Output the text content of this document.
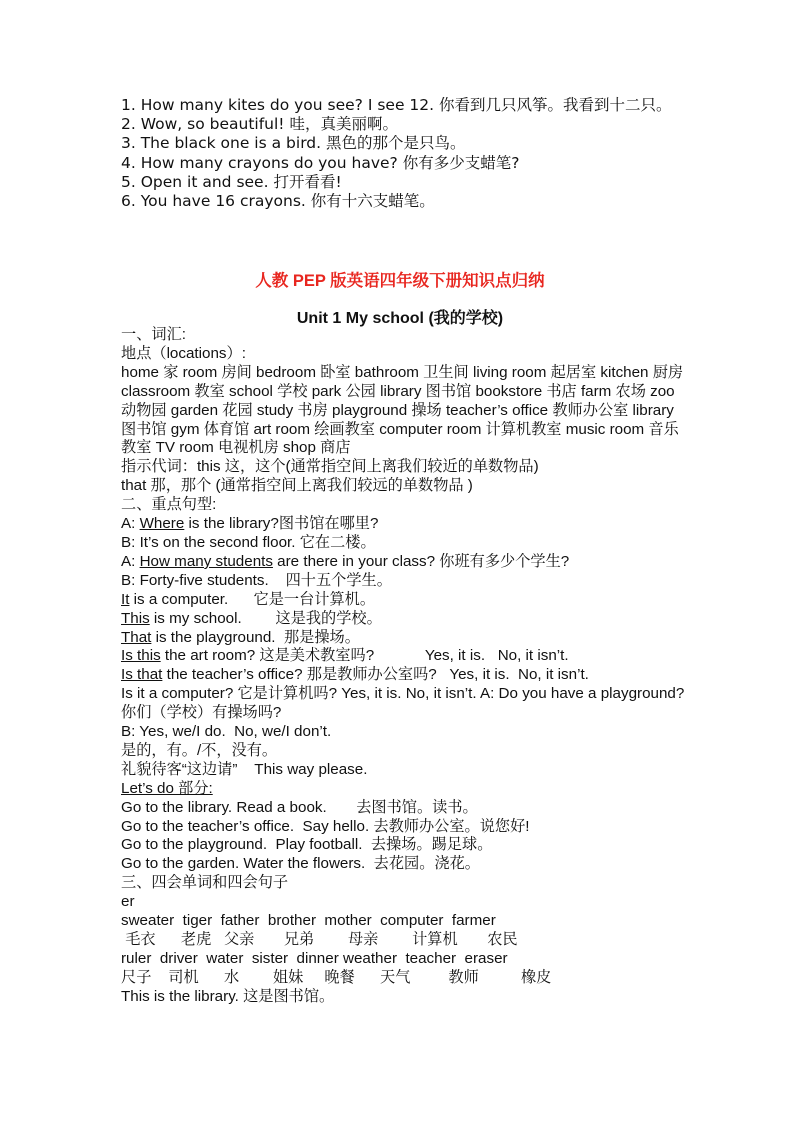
1. How many kites do you see? I see 12. 你看到几只风筝。我看到十二只。

2. Wow, so beautiful! 哇，真美丽啊。

3. The black one is a bird. 黑色的那个是只鸟。

4. How many crayons do you have? 你有多少支蜡笔?

5. Open it and see. 打开看看!

6. You have 16 crayons. 你有十六支蜡笔。

人教 PEP 版英语四年级下册知识点归纳
Unit 1 My school (我的学校)

一、词汇:

地点（locations）:

home 家 room 房间 bedroom 卧室 bathroom 卫生间 living room 起居室 kitchen 厨房 classroom 教室 school 学校 park 公园 library 图书馆 bookstore 书店 farm 农场 zoo 动物园 garden 花园 study 书房 playground 操场 teacher’s office 教师办公室 library 图书馆 gym 体育馆 art room 绘画教室 computer room 计算机教室 music room 音乐教室 TV room 电视机房 shop 商店

指示代词：this 这，这个(通常指空间上离我们较近的单数物品)

that 那，那个 (通常指空间上离我们较远的单数物品 )

二、重点句型:

A: Where is the library?图书馆在哪里?

B: It’s on the second floor. 它在二楼。

A: How many students are there in your class? 你班有多少个学生?

B: Forty-five students.    四十五个学生。

It is a computer.      它是一台计算机。

This is my school.        这是我的学校。

That is the playground.  那是操场。

Is this the art room? 这是美术教室吗?            Yes, it is.   No, it isn’t.

Is that the teacher’s office? 那是教师办公室吗?   Yes, it is.  No, it isn’t.

Is it a computer? 它是计算机吗? Yes, it is. No, it isn’t. A: Do you have a playground? 你们（学校）有操场吗?

B: Yes, we/I do.  No, we/I don’t.

是的，有。/不，没有。

礼貌待客“这边请”    This way please.

Let’s do 部分:

Go to the library. Read a book.       去图书馆。读书。

Go to the teacher’s office.  Say hello. 去教师办公室。说您好!

Go to the playground.  Play football.  去操场。踢足球。

Go to the garden. Water the flowers.  去花园。浇花。

三、四会单词和四会句子

er

sweater  tiger  father  brother  mother  computer  farmer

毛衣      老虎   父亲       兄弟        母亲        计算机       农民

ruler  driver  water  sister  dinner weather  teacher  eraser

尺子    司机      水        姐妹     晚餐      天气         教师          橡皮

This is the library. 这是图书馆。
